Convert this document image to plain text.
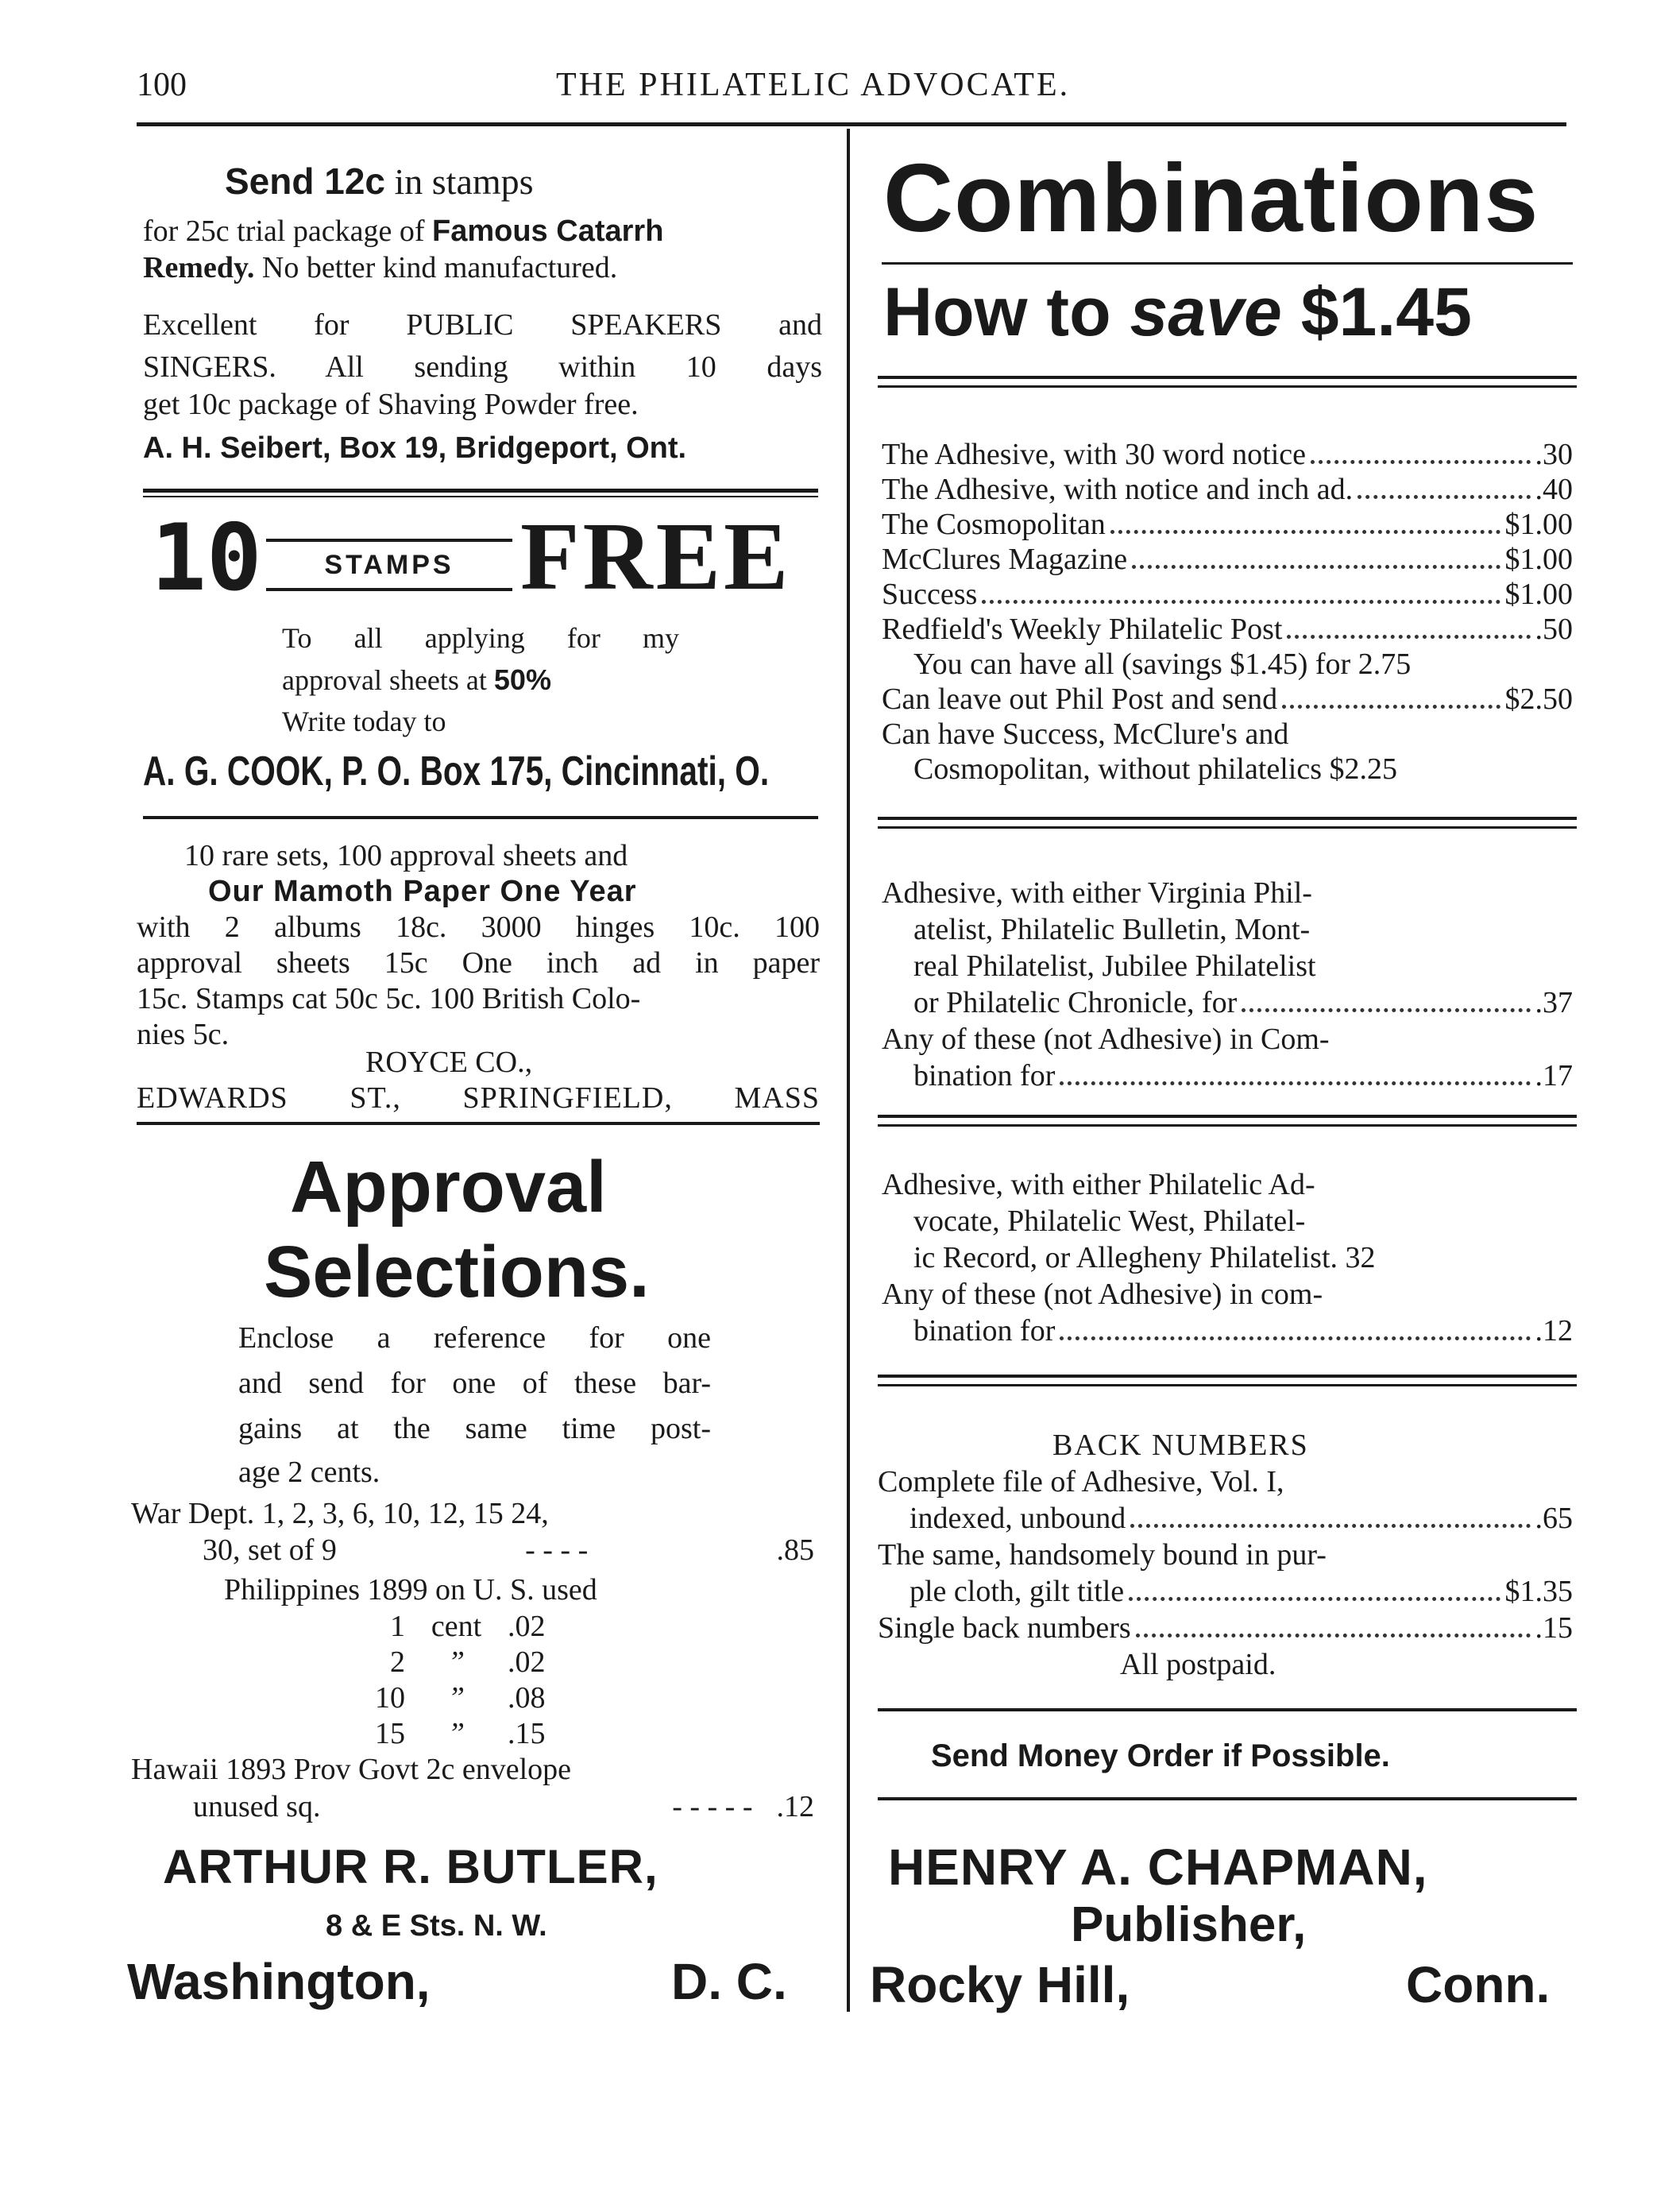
100	THE PHILATELIC ADVOCATE.
Send 12c in stamps
for 25c trial package of Famous Catarrh
Remedy. No better kind manufactured.
Excellent for PUBLIC SPEAKERS and
SINGERS. All sending within 10 days
get 10c package of Shaving Powder free.
A. H. Seibert, Box 19, Bridgeport, Ont.
10 STAMPS FREE
To all applying for my
approval sheets at 50%
Write today to
A. G. COOK, P. O. Box 175, Cincinnati, O.
10 rare sets, 100 approval sheets and
Our Mamoth Paper One Year
with 2 albums 18c. 3000 hinges 10c. 100
approval sheets 15c One inch ad in paper
15c. Stamps cat 50c 5c. 100 British Colo-
nies 5c.
ROYCE CO.,
EDWARDS ST., SPRINGFIELD, MASS
Approval
Selections.
Enclose a reference for one
and send for one of these bar-
gains at the same time post-
age 2 cents.
War Dept. 1, 2, 3, 6, 10, 12, 15 24,
30, set of 9	- - - -	.85
Philippines 1899 on U. S. used
1 cent .02
2 ” .02
10 ” .08
15 ” .15
Hawaii 1893 Prov Govt 2c envelope
unused sq.	- - - - - .12
ARTHUR R. BUTLER,
8 & E Sts. N. W.
Washington,	D. C.
Combinations
How to save $1.45
The Adhesive, with 30 word notice	.30
The Adhesive, with notice and inch ad.	.40
The Cosmopolitan	$1.00
McClures Magazine	$1.00
Success	$1.00
Redfield's Weekly Philatelic Post	.50
You can have all (savings $1.45) for 2.75
Can leave out Phil Post and send	$2.50
Can have Success, McClure's and
Cosmopolitan, without philatelics $2.25
Adhesive, with either Virginia Phil-
atelist, Philatelic Bulletin, Mont-
real Philatelist, Jubilee Philatelist
or Philatelic Chronicle, for	.37
Any of these (not Adhesive) in Com-
bination for	.17
Adhesive, with either Philatelic Ad-
vocate, Philatelic West, Philatel-
ic Record, or Allegheny Philatelist. 32
Any of these (not Adhesive) in com-
bination for	.12
BACK NUMBERS
Complete file of Adhesive, Vol. I,
indexed, unbound	.65
The same, handsomely bound in pur-
ple cloth, gilt title	$1.35
Single back numbers	.15
All postpaid.
Send Money Order if Possible.
HENRY A. CHAPMAN,
Publisher,
Rocky Hill,	Conn.
